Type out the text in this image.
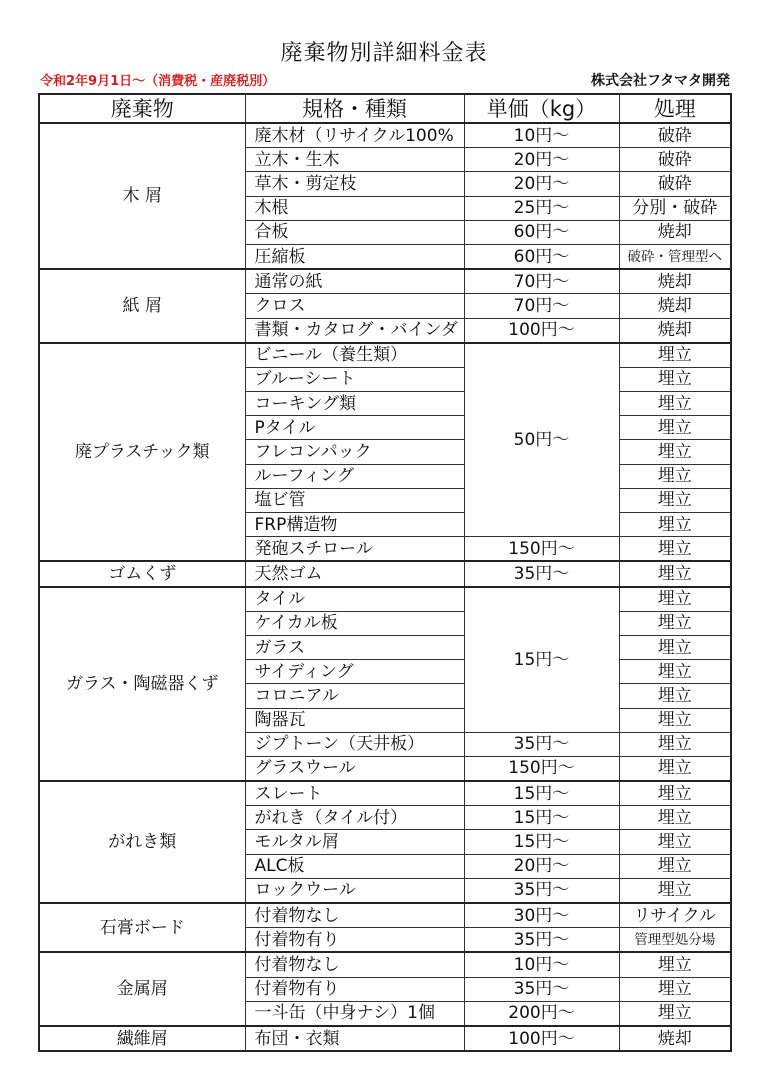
廃棄物別詳細料金表
令和2年9月1日～（消費税・産廃税別）	株式会社フタマタ開発
廃棄物	規格・種類	単価（kg）	処理
木 屑	廃木材（リサイクル100%	10円～	破砕
	立木・生木	20円～	破砕
	草木・剪定枝	20円～	破砕
	木根	25円～	分別・破砕
	合板	60円～	焼却
	圧縮板	60円～	破砕・管理型へ
紙 屑	通常の紙	70円～	焼却
	クロス	70円～	焼却
	書類・カタログ・バインダ	100円～	焼却
廃プラスチック類	ビニール（養生類）	50円～	埋立
	ブルーシート		埋立
	コーキング類		埋立
	Pタイル		埋立
	フレコンパック		埋立
	ルーフィング		埋立
	塩ビ管		埋立
	FRP構造物		埋立
	発砲スチロール	150円～	埋立
ゴムくず	天然ゴム	35円～	埋立
ガラス・陶磁器くず	タイル	15円～	埋立
	ケイカル板		埋立
	ガラス		埋立
	サイディング		埋立
	コロニアル		埋立
	陶器瓦		埋立
	ジプトーン（天井板）	35円～	埋立
	グラスウール	150円～	埋立
がれき類	スレート	15円～	埋立
	がれき（タイル付）	15円～	埋立
	モルタル屑	15円～	埋立
	ALC板	20円～	埋立
	ロックウール	35円～	埋立
石膏ボード	付着物なし	30円～	リサイクル
	付着物有り	35円～	管理型処分場
金属屑	付着物なし	10円～	埋立
	付着物有り	35円～	埋立
	一斗缶（中身ナシ）1個	200円～	埋立
繊維屑	布団・衣類	100円～	焼却
